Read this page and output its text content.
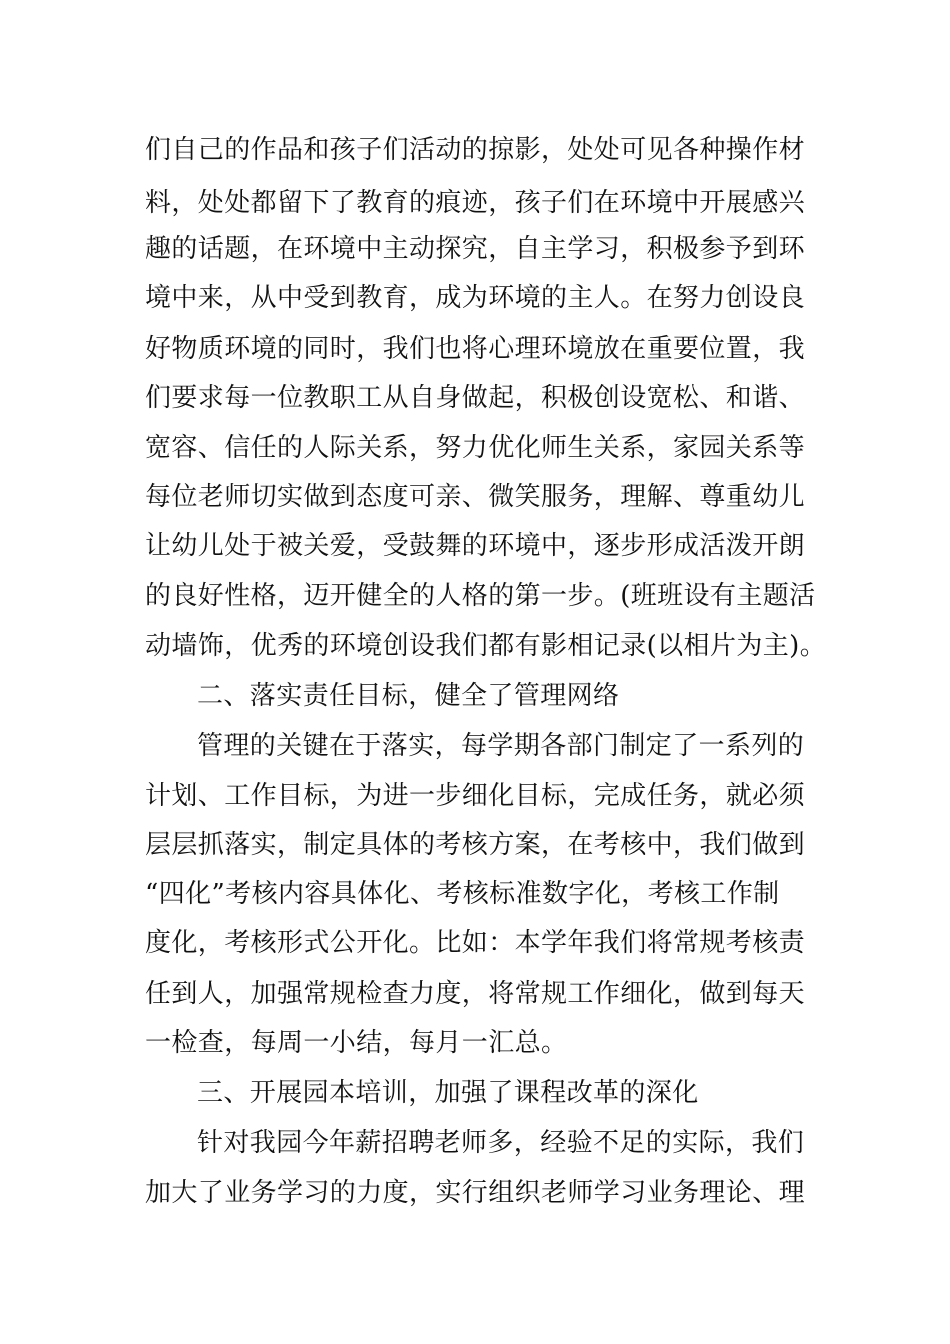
们自己的作品和孩子们活动的掠影，处处可见各种操作材
料，处处都留下了教育的痕迹，孩子们在环境中开展感兴
趣的话题，在环境中主动探究，自主学习，积极参予到环
境中来，从中受到教育，成为环境的主人。在努力创设良
好物质环境的同时，我们也将心理环境放在重要位置，我
们要求每一位教职工从自身做起，积极创设宽松、和谐、
宽容、信任的人际关系，努力优化师生关系，家园关系等
每位老师切实做到态度可亲、微笑服务，理解、尊重幼儿
让幼儿处于被关爱，受鼓舞的环境中，逐步形成活泼开朗
的良好性格，迈开健全的人格的第一步。(班班设有主题活
动墙饰，优秀的环境创设我们都有影相记录(以相片为主)。
二、落实责任目标，健全了管理网络
管理的关键在于落实，每学期各部门制定了一系列的
计划、工作目标，为进一步细化目标，完成任务，就必须
层层抓落实，制定具体的考核方案，在考核中，我们做到
“四化”考核内容具体化、考核标准数字化，考核工作制
度化，考核形式公开化。比如：本学年我们将常规考核责
任到人，加强常规检查力度，将常规工作细化，做到每天
一检查，每周一小结，每月一汇总。
三、开展园本培训，加强了课程改革的深化
针对我园今年薪招聘老师多，经验不足的实际，我们
加大了业务学习的力度，实行组织老师学习业务理论、理
